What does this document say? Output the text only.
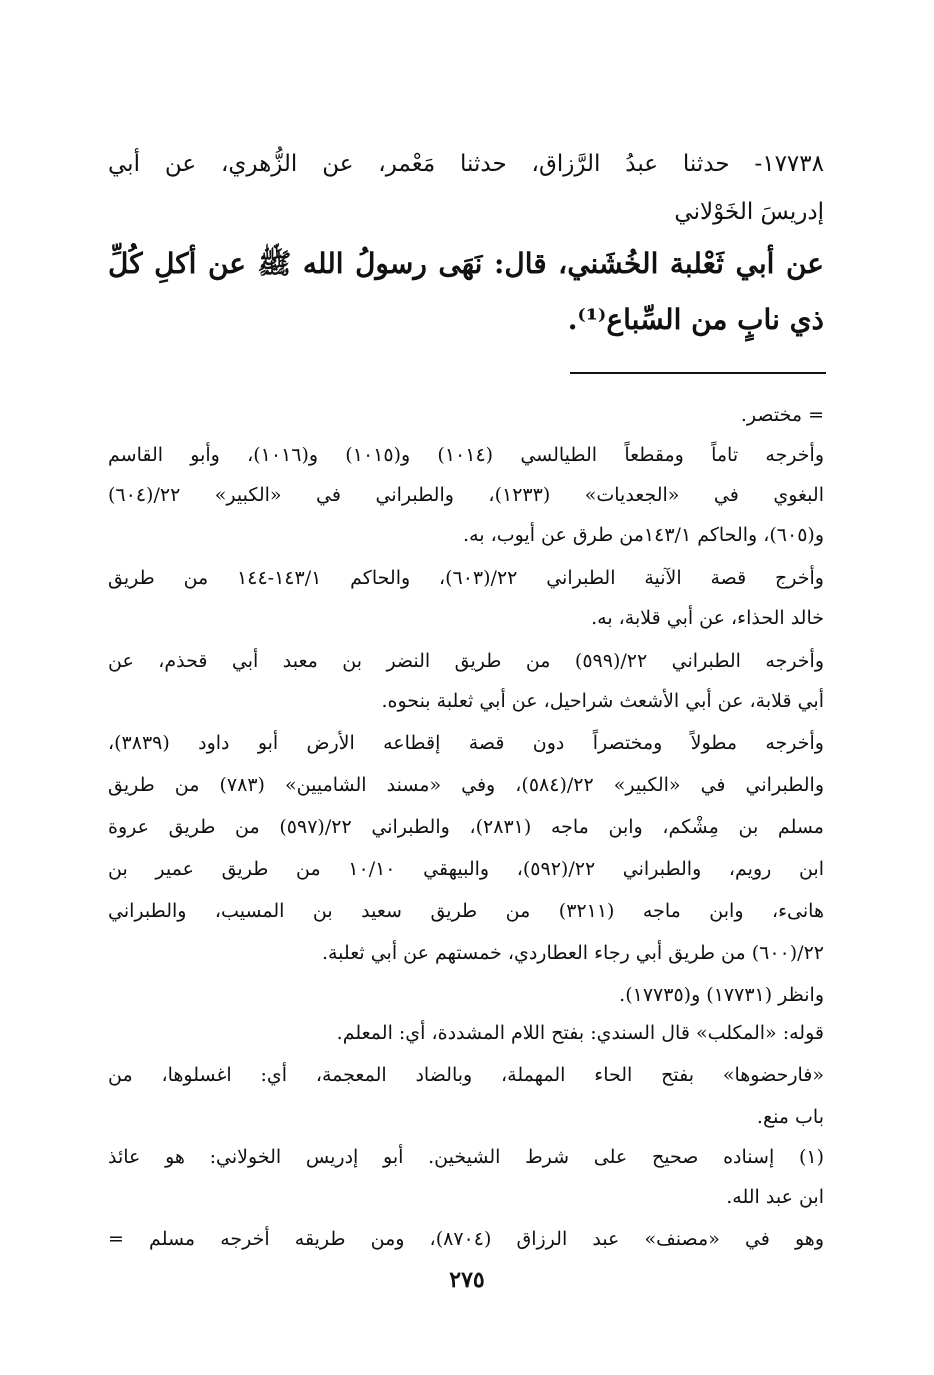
١٧٧٣٨- حدثنا عبدُ الرَّزاق، حدثنا مَعْمر، عن الزُّهري، عن أبي
إدريسَ الخَوْلاني
عن أبي ثَعْلبة الخُشَني، قال: نَهَى رسولُ الله ﷺ عن أكلِ كُلِّ
ذي نابٍ من السِّباع⁽¹⁾.
= مختصر.
وأخرجه تاماً ومقطعاً الطيالسي (١٠١٤) و(١٠١٥) و(١٠١٦)، وأبو القاسم
البغوي في «الجعديات» (١٢٣٣)، والطبراني في «الكبير» ٢٢/(٦٠٤)
و(٦٠٥)، والحاكم ١٤٣/١من طرق عن أيوب، به.
وأخرج قصة الآنية الطبراني ٢٢/(٦٠٣)، والحاكم ١٤٣/١-١٤٤ من طريق
خالد الحذاء، عن أبي قلابة، به.
وأخرجه الطبراني ٢٢/(٥٩٩) من طريق النضر بن معبد أبي قحذم، عن
أبي قلابة، عن أبي الأشعث شراحيل، عن أبي ثعلبة بنحوه.
وأخرجه مطولاً ومختصراً دون قصة إقطاعه الأرض أبو داود (٣٨٣٩)،
والطبراني في «الكبير» ٢٢/(٥٨٤)، وفي «مسند الشاميين» (٧٨٣) من طريق
مسلم بن مِشْكم، وابن ماجه (٢٨٣١)، والطبراني ٢٢/(٥٩٧) من طريق عروة
ابن رويم، والطبراني ٢٢/(٥٩٢)، والبيهقي ١٠/١٠ من طريق عمير بن
هانىء، وابن ماجه (٣٢١١) من طريق سعيد بن المسيب، والطبراني
٢٢/(٦٠٠) من طريق أبي رجاء العطاردي، خمستهم عن أبي ثعلبة.
وانظر (١٧٧٣١) و(١٧٧٣٥).
قوله: «المكلب» قال السندي: بفتح اللام المشددة، أي: المعلم.
«فارحضوها» بفتح الحاء المهملة، وبالضاد المعجمة، أي: اغسلوها، من
باب منع.
(١) إسناده صحيح على شرط الشيخين. أبو إدريس الخولاني: هو عائذ
ابن عبد الله.
وهو في «مصنف» عبد الرزاق (٨٧٠٤)، ومن طريقه أخرجه مسلم =
٢٧٥
